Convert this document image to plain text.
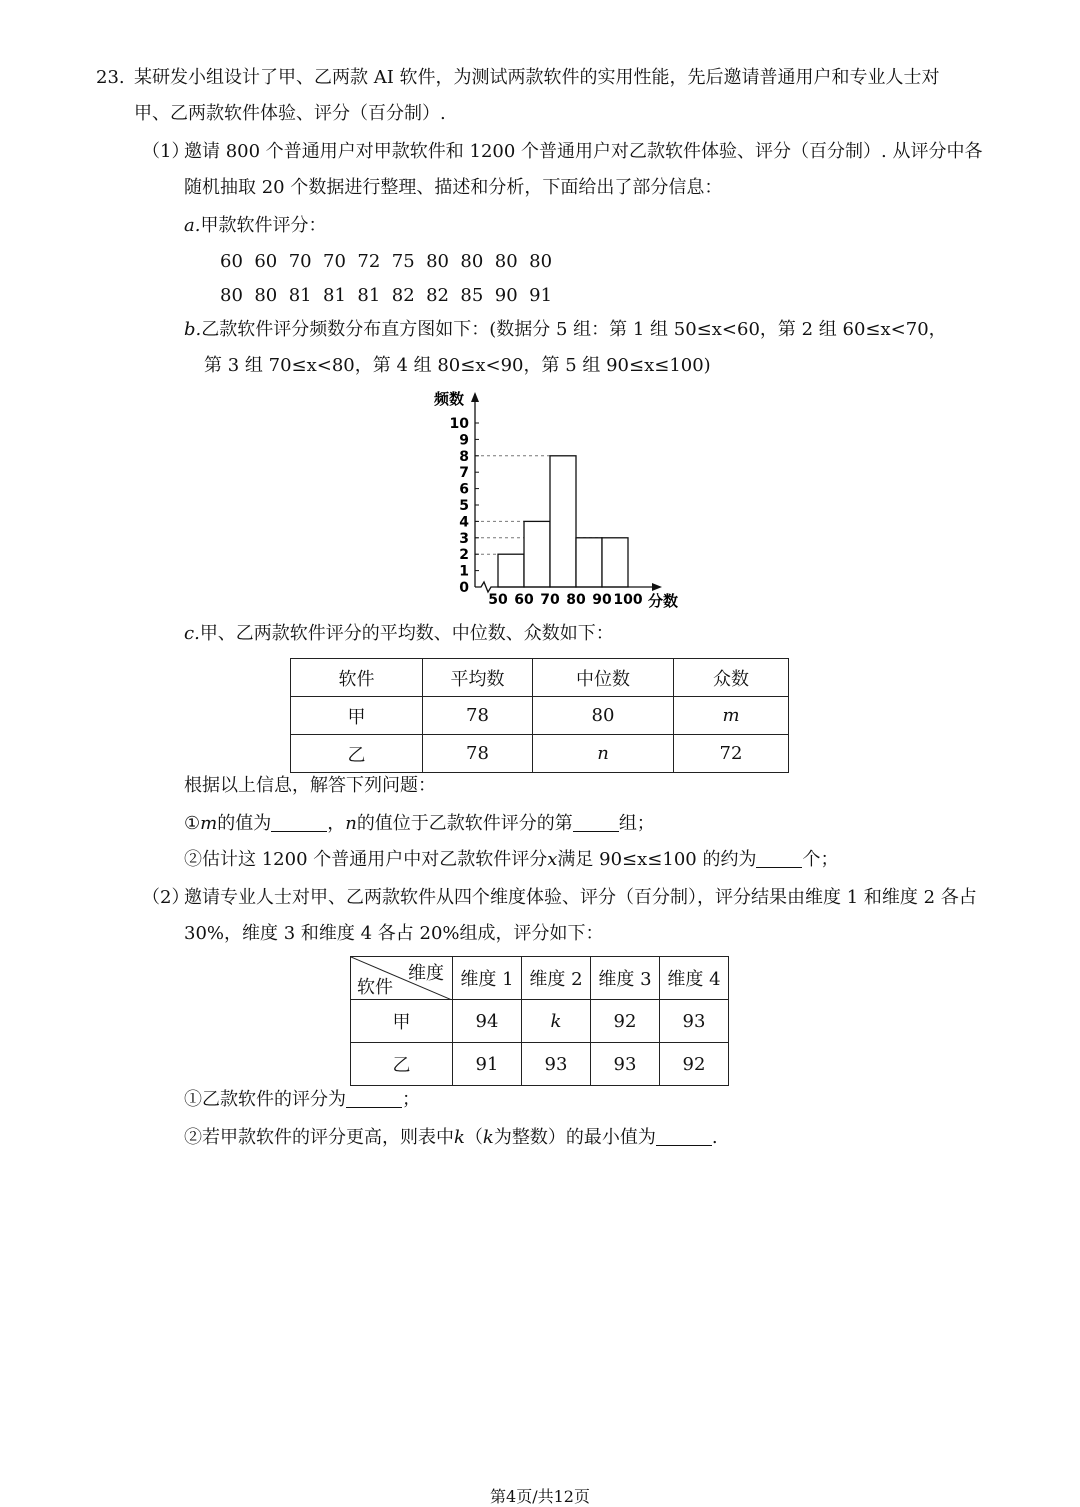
23. 某研发小组设计了甲、乙两款 AI 软件，为测试两款软件的实用性能，先后邀请普通用户和专业人士对
甲、乙两款软件体验、评分（百分制）.
（1）
邀请 800 个普通用户对甲款软件和 1200 个普通用户对乙款软件体验、评分（百分制）. 从评分中各
随机抽取 20 个数据进行整理、描述和分析，下面给出了部分信息：
a.甲款软件评分：
60  60  70  70  72  75  80  80  80  80
80  80  81  81  81  82  82  85  90  91
b.乙款软件评分频数分布直方图如下：(数据分 5 组：第 1 组 50≤x<60，第 2 组 60≤x<70，
第 3 组 70≤x<80，第 4 组 80≤x<90，第 5 组 90≤x≤100)
0
1
2
3
4
5
6
7
8
9
10
50 60 70 80 90 100
频数
分数
c.甲、乙两款软件评分的平均数、中位数、众数如下：
软件	平均数	中位数	众数
甲	78	80	m
乙	78	n	72
根据以上信息，解答下列问题：
①m的值为	，n的值位于乙款软件评分的第	组；
②估计这 1200 个普通用户中对乙款软件评分x满足 90≤x≤100 的约为	个；
（2）
邀请专业人士对甲、乙两款软件从四个维度体验、评分（百分制），评分结果由维度 1 和维度 2 各占
30%，维度 3 和维度 4 各占 20%组成，评分如下：
维度
软件	维度 1	维度 2	维度 3	维度 4
甲	94	k	92	93
乙	91	93	93	92
①乙款软件的评分为	；
②若甲款软件的评分更高，则表中k（k为整数）的最小值为	.
第4页/共12页
